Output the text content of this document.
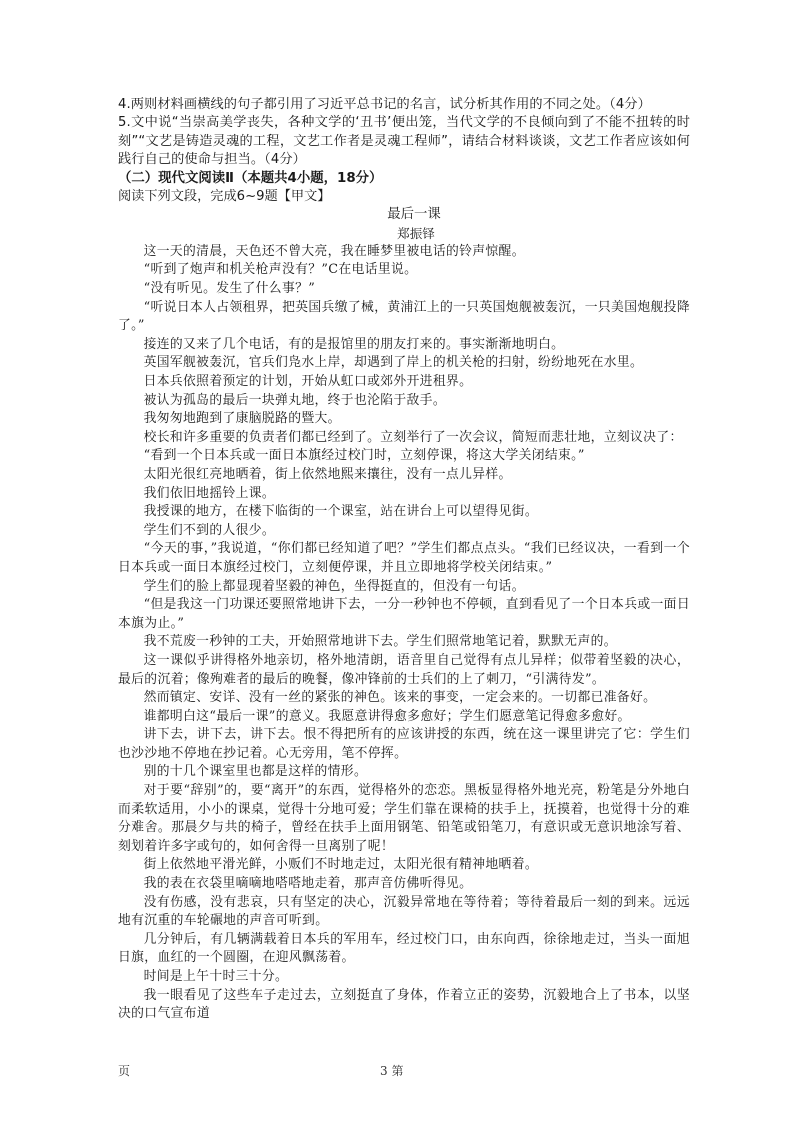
4.两则材料画横线的句子都引用了习近平总书记的名言，试分析其作用的不同之处。（4分）

5.文中说“当崇高美学丧失，各种文学的‘丑书’便出笼，当代文学的不良倾向到了不能不扭转的时刻”“文艺是铸造灵魂的工程，文艺工作者是灵魂工程师”，请结合材料谈谈，文艺工作者应该如何践行自己的使命与担当。（4分）

（二）现代文阅读Ⅱ（本题共4小题，18分）

阅读下列文段，完成6~9题【甲文】

最后一课

郑振铎

这一天的清晨，天色还不曾大亮，我在睡梦里被电话的铃声惊醒。

“听到了炮声和机关枪声没有？”C在电话里说。

“没有听见。发生了什么事？”

“听说日本人占领租界，把英国兵缴了械，黄浦江上的一只英国炮舰被轰沉，一只美国炮舰投降了。”

接连的又来了几个电话，有的是报馆里的朋友打来的。事实渐渐地明白。

英国军舰被轰沉，官兵们凫水上岸，却遇到了岸上的机关枪的扫射，纷纷地死在水里。

日本兵依照着预定的计划，开始从虹口或郊外开进租界。

被认为孤岛的最后一块弹丸地，终于也沦陷于敌手。

我匆匆地跑到了康脑脱路的暨大。

校长和许多重要的负责者们都已经到了。立刻举行了一次会议，简短而悲壮地，立刻议决了：

“看到一个日本兵或一面日本旗经过校门时，立刻停课，将这大学关闭结束。”

太阳光很红亮地晒着，街上依然地熙来攘往，没有一点儿异样。

我们依旧地摇铃上课。

我授课的地方，在楼下临街的一个课室，站在讲台上可以望得见街。

学生们不到的人很少。

“今天的事，”我说道，“你们都已经知道了吧？”学生们都点点头。“我们已经议决，一看到一个日本兵或一面日本旗经过校门，立刻便停课，并且立即地将学校关闭结束。”

学生们的脸上都显现着坚毅的神色，坐得挺直的，但没有一句话。

“但是我这一门功课还要照常地讲下去，一分一秒钟也不停顿，直到看见了一个日本兵或一面日本旗为止。”

我不荒废一秒钟的工夫，开始照常地讲下去。学生们照常地笔记着，默默无声的。

这一课似乎讲得格外地亲切，格外地清朗，语音里自己觉得有点儿异样；似带着坚毅的决心，最后的沉着；像殉难者的最后的晚餐，像冲锋前的士兵们的上了刺刀，“引满待发”。

然而镇定、安详、没有一丝的紧张的神色。该来的事变，一定会来的。一切都已准备好。

谁都明白这“最后一课”的意义。我愿意讲得愈多愈好；学生们愿意笔记得愈多愈好。

讲下去，讲下去，讲下去。恨不得把所有的应该讲授的东西，统在这一课里讲完了它：学生们也沙沙地不停地在抄记着。心无旁用，笔不停挥。

别的十几个课室里也都是这样的情形。

对于要“辞别”的，要“离开”的东西，觉得格外的恋恋。黑板显得格外地光亮，粉笔是分外地白而柔软适用，小小的课桌，觉得十分地可爱；学生们靠在课椅的扶手上，抚摸着，也觉得十分的难分难舍。那晨夕与共的椅子，曾经在扶手上面用钢笔、铅笔或铅笔刀，有意识或无意识地涂写着、刻划着许多字或句的，如何舍得一旦离别了呢！

街上依然地平滑光鲜，小贩们不时地走过，太阳光很有精神地晒着。

我的表在衣袋里嘀嘀地嗒嗒地走着，那声音仿佛听得见。

没有伤感，没有悲哀，只有坚定的决心，沉毅异常地在等待着；等待着最后一刻的到来。远远地有沉重的车轮碾地的声音可听到。

几分钟后，有几辆满载着日本兵的军用车，经过校门口，由东向西，徐徐地走过，当头一面旭日旗，血红的一个圆圈，在迎风飘荡着。

时间是上午十时三十分。

我一眼看见了这些车子走过去，立刻挺直了身体，作着立正的姿势，沉毅地合上了书本，以坚决的口气宣布道

页	3 第
